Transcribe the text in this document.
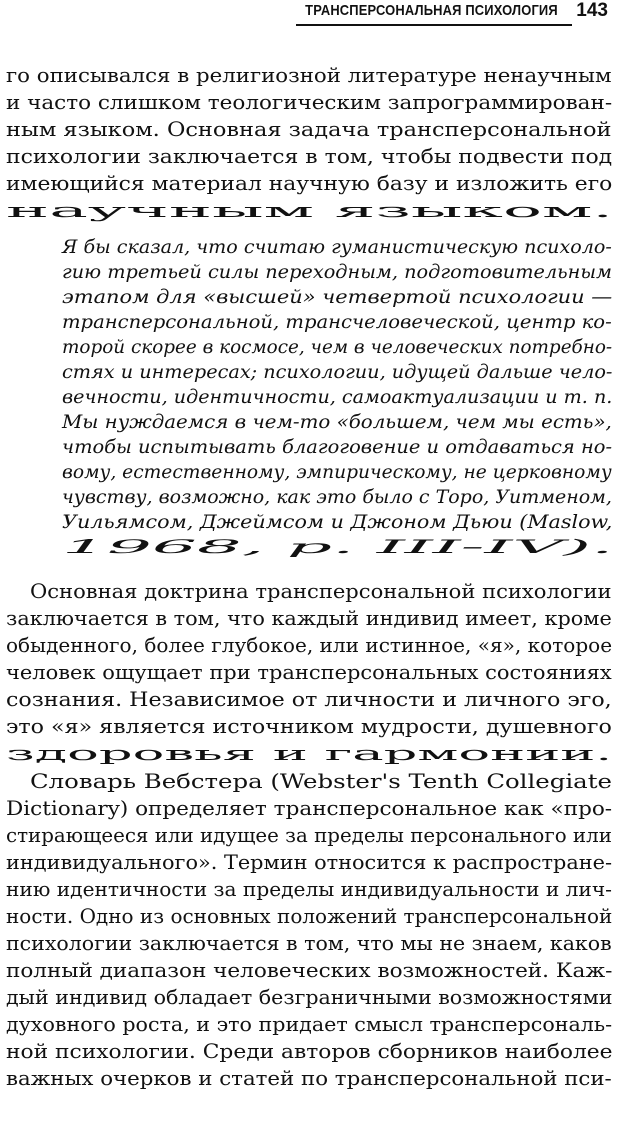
ТРАНСПЕРСОНАЛЬНАЯ ПСИХОЛОГИЯ 143
го описывался в религиозной литературе ненаучным
и часто слишком теологическим запрограммирован-
ным языком. Основная задача трансперсональной
психологии заключается в том, чтобы подвести под
имеющийся материал научную базу и изложить его
научным языком.
Я бы сказал, что считаю гуманистическую психоло-
гию третьей силы переходным, подготовительным
этапом для «высшей» четвертой психологии —
трансперсональной, трансчеловеческой, центр ко-
торой скорее в космосе, чем в человеческих потребно-
стях и интересах; психологии, идущей дальше чело-
вечности, идентичности, самоактуализации и т. п.
Мы нуждаемся в чем-то «большем, чем мы есть»,
чтобы испытывать благоговение и отдаваться но-
вому, естественному, эмпирическому, не церковному
чувству, возможно, как это было с Торо, Уитменом,
Уильямсом, Джеймсом и Джоном Дьюи (Maslow,
1968, р. III-IV).
Основная доктрина трансперсональной психологии
заключается в том, что каждый индивид имеет, кроме
обыденного, более глубокое, или истинное, «я», которое
человек ощущает при трансперсональных состояниях
сознания. Независимое от личности и личного эго,
это «я» является источником мудрости, душевного
здоровья и гармонии.
Словарь Вебстера (Webster's Tenth Collegiate
Dictionary) определяет трансперсональное как «про-
стирающееся или идущее за пределы персонального или
индивидуального». Термин относится к распростране-
нию идентичности за пределы индивидуальности и лич-
ности. Одно из основных положений трансперсональной
психологии заключается в том, что мы не знаем, каков
полный диапазон человеческих возможностей. Каж-
дый индивид обладает безграничными возможностями
духовного роста, и это придает смысл трансперсональ-
ной психологии. Среди авторов сборников наиболее
важных очерков и статей по трансперсональной пси-
